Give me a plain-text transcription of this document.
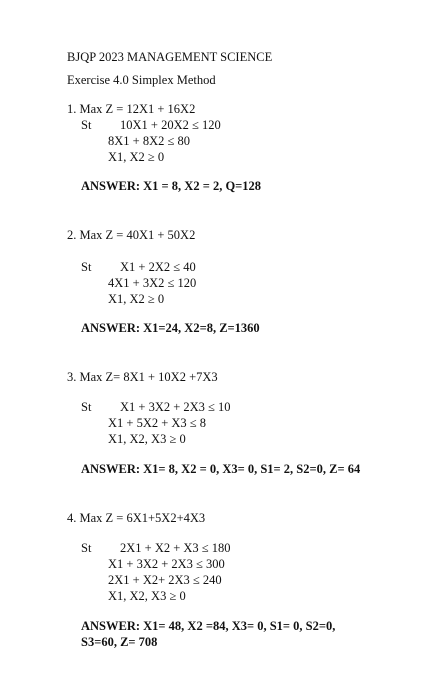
BJQP 2023 MANAGEMENT SCIENCE
Exercise 4.0 Simplex Method
1. Max Z = 12X1 + 16X2
St 10X1 + 20X2 ≤ 120
8X1 + 8X2 ≤ 80
X1, X2 ≥ 0
ANSWER: X1 = 8, X2 = 2, Q=128
2. Max Z = 40X1 + 50X2
St X1 + 2X2 ≤ 40
4X1 + 3X2 ≤ 120
X1, X2 ≥ 0
ANSWER: X1=24, X2=8, Z=1360
3. Max Z= 8X1 + 10X2 +7X3
St X1 + 3X2 + 2X3 ≤ 10
X1 + 5X2 + X3 ≤ 8
X1, X2, X3 ≥ 0
ANSWER: X1= 8, X2 = 0, X3= 0, S1= 2, S2=0, Z= 64
4. Max Z = 6X1+5X2+4X3
St 2X1 + X2 + X3 ≤ 180
X1 + 3X2 + 2X3 ≤ 300
2X1 + X2+ 2X3 ≤ 240
X1, X2, X3 ≥ 0
ANSWER: X1= 48, X2 =84, X3= 0, S1= 0, S2=0,
S3=60, Z= 708
